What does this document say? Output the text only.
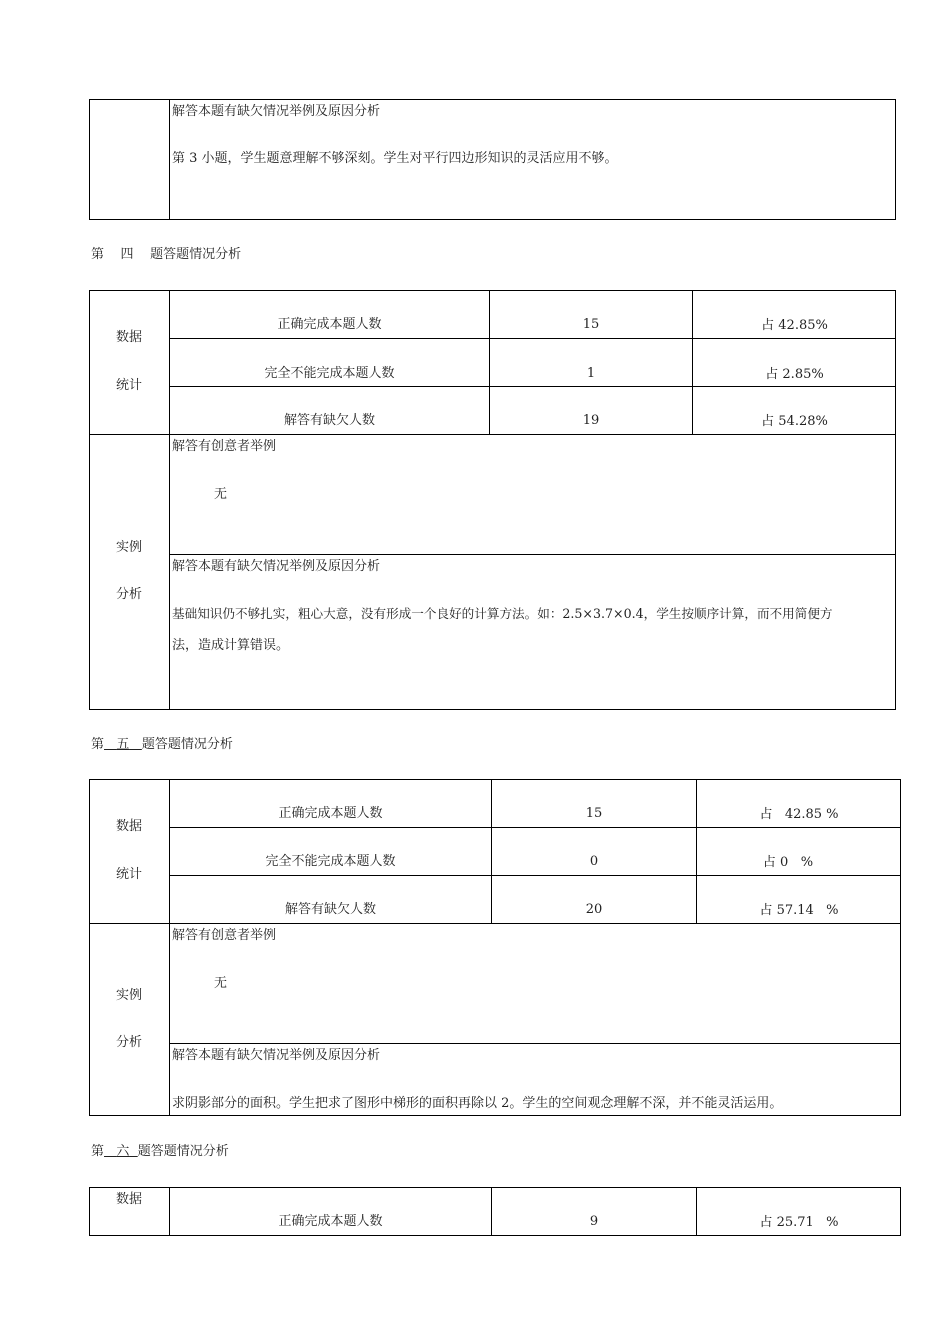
解答本题有缺欠情况举例及原因分析
第 3 小题，学生题意理解不够深刻。学生对平行四边形知识的灵活应用不够。
第 四 题答题情况分析
数据
统计
正确完成本题人数	15	占 42.85%
完全不能完成本题人数	1	占 2.85%
解答有缺欠人数	19	占 54.28%
实例
分析
解答有创意者举例
无
解答本题有缺欠情况举例及原因分析
基础知识仍不够扎实，粗心大意，没有形成一个良好的计算方法。如：2.5×3.7×0.4，学生按顺序计算，而不用简便方
法，造成计算错误。
第 五 题答题情况分析
数据
统计
正确完成本题人数	15	占   42.85 %
完全不能完成本题人数	0	占 0   %
解答有缺欠人数	20	占 57.14   %
实例
分析
解答有创意者举例
无
解答本题有缺欠情况举例及原因分析
求阴影部分的面积。学生把求了图形中梯形的面积再除以 2。学生的空间观念理解不深，并不能灵活运用。
第 六 题答题情况分析
数据
正确完成本题人数	9	占 25.71   %
